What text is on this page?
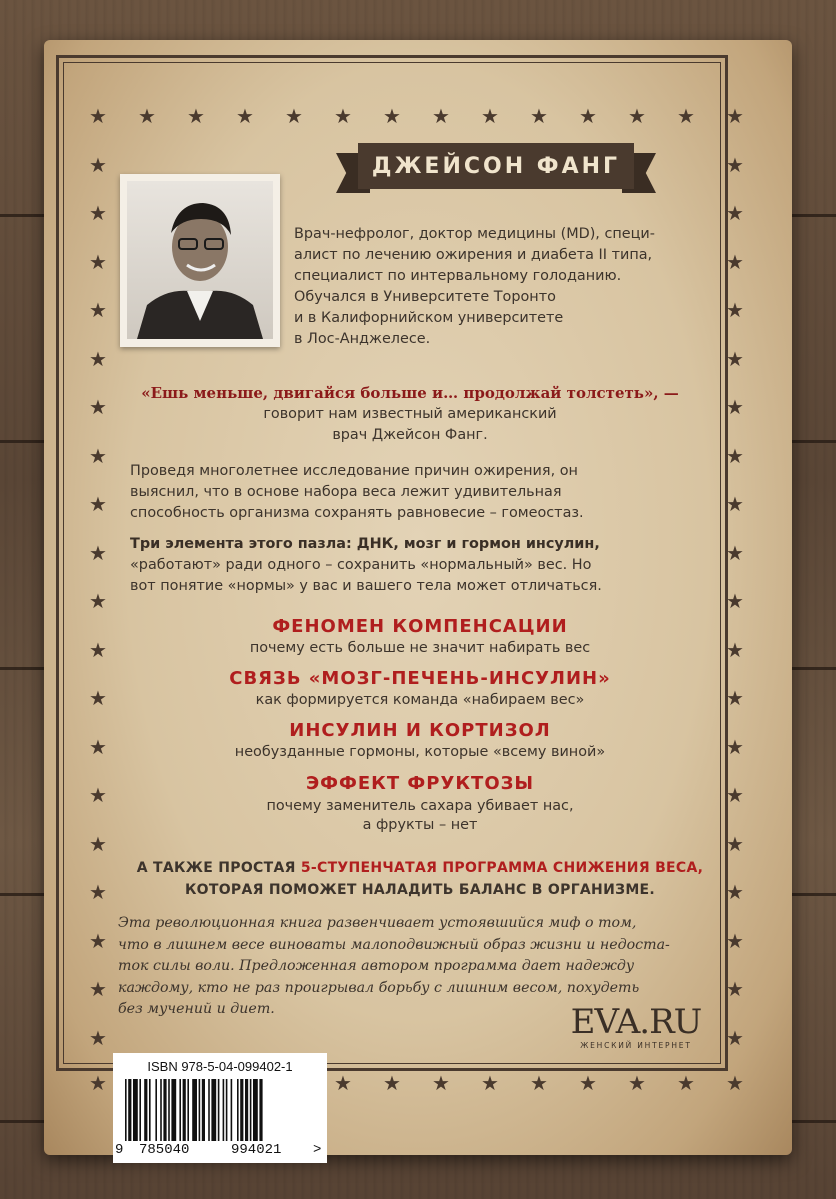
★ ★ ★ ★ ★ ★ ★ ★ ★ ★ ★ ★ ★ ★
★	★ ★ ★ ★ ★ ★ ★ ★ ★
★	★
★	★
★	★
★	★
★	★
★	★
★	★
★	★
★	★
★	★
★	★
★	★
★	★
★	★
★	★
★	★
★	★
★	★
★	★
ДЖЕЙСОН ФАНГ
Врач-нефролог, доктор медицины (MD), специ-
алист по лечению ожирения и диабета II типа,
специалист по интервальному голоданию.
Обучался в Университете Торонто
и в Калифорнийском университете
в Лос-Анджелесе.
«Ешь меньше, двигайся больше и… продолжай толстеть», —
говорит нам известный американский
врач Джейсон Фанг.
Проведя многолетнее исследование причин ожирения, он
выяснил, что в основе набора веса лежит удивительная
способность организма сохранять равновесие – гомеостаз.
Три элемента этого пазла: ДНК, мозг и гормон инсулин,
«работают» ради одного – сохранить «нормальный» вес. Но
вот понятие «нормы» у вас и вашего тела может отличаться.
ФЕНОМЕН КОМПЕНСАЦИИ
почему есть больше не значит набирать вес
СВЯЗЬ «МОЗГ-ПЕЧЕНЬ-ИНСУЛИН»
как формируется команда «набираем вес»
ИНСУЛИН И КОРТИЗОЛ
необузданные гормоны, которые «всему виной»
ЭФФЕКТ ФРУКТОЗЫ
почему заменитель сахара убивает нас,
а фрукты – нет
А ТАКЖЕ ПРОСТАЯ 5-СТУПЕНЧАТАЯ ПРОГРАММА СНИЖЕНИЯ ВЕСА,
КОТОРАЯ ПОМОЖЕТ НАЛАДИТЬ БАЛАНС В ОРГАНИЗМЕ.
Эта революционная книга развенчивает устоявшийся миф о том,
что в лишнем весе виноваты малоподвижный образ жизни и недоста-
ток силы воли. Предложенная автором программа дает надежду
каждому, кто не раз проигрывал борьбу с лишним весом, похудеть
без мучений и диет.	EVA.RU
ЖЕНСКИЙ ИНТЕРНЕТ
ISBN 978-5-04-099402-1
9 785040	994021 >
